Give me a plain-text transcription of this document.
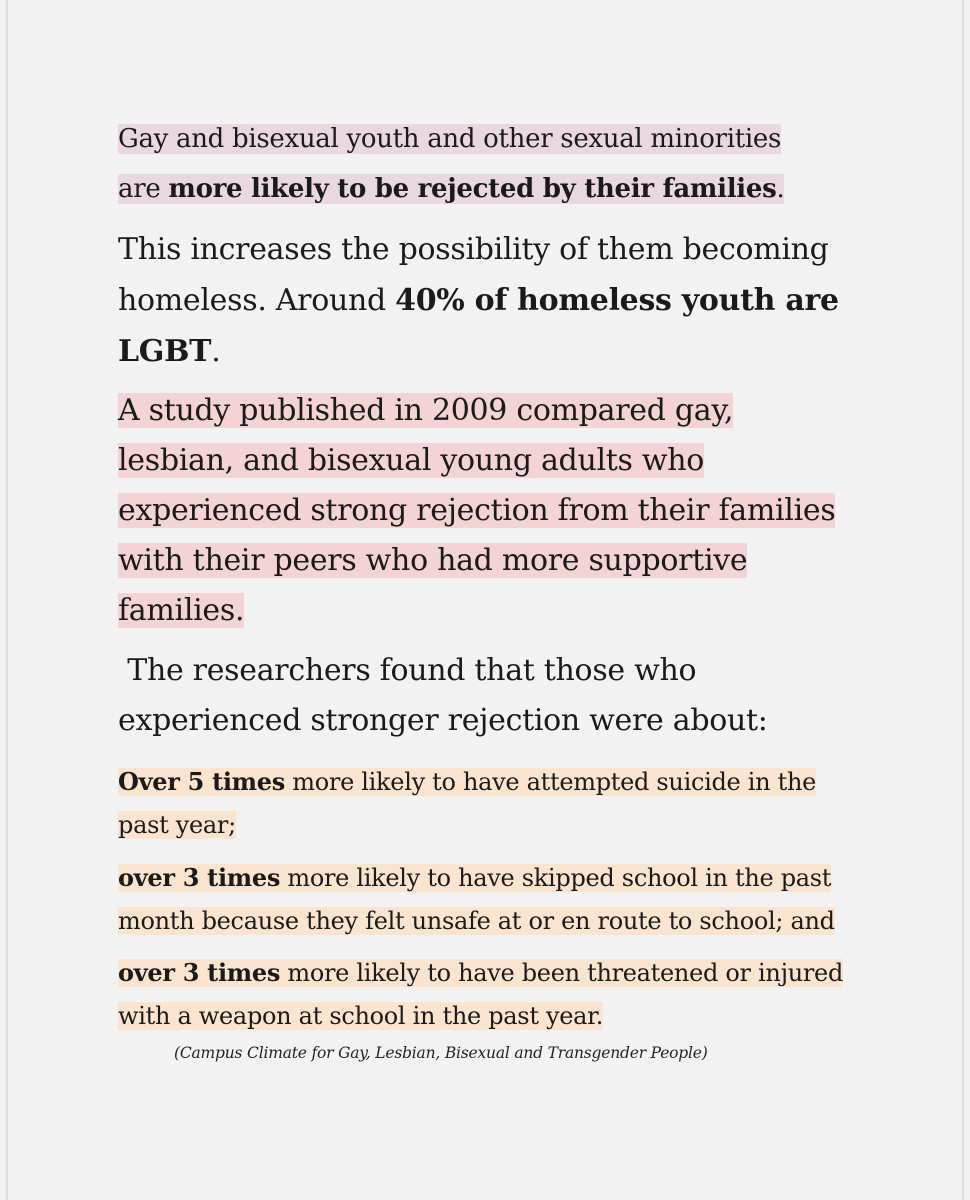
Gay and bisexual youth and other sexual minorities
are more likely to be rejected by their families.

This increases the possibility of them becoming
homeless. Around 40% of homeless youth are
LGBT.

A study published in 2009 compared gay,
lesbian, and bisexual young adults who
experienced strong rejection from their families
with their peers who had more supportive
families.

The researchers found that those who
experienced stronger rejection were about:

Over 5 times more likely to have attempted suicide in the
past year;

over 3 times more likely to have skipped school in the past
month because they felt unsafe at or en route to school; and

over 3 times more likely to have been threatened or injured
with a weapon at school in the past year.

(Campus Climate for Gay, Lesbian, Bisexual and Transgender People)
